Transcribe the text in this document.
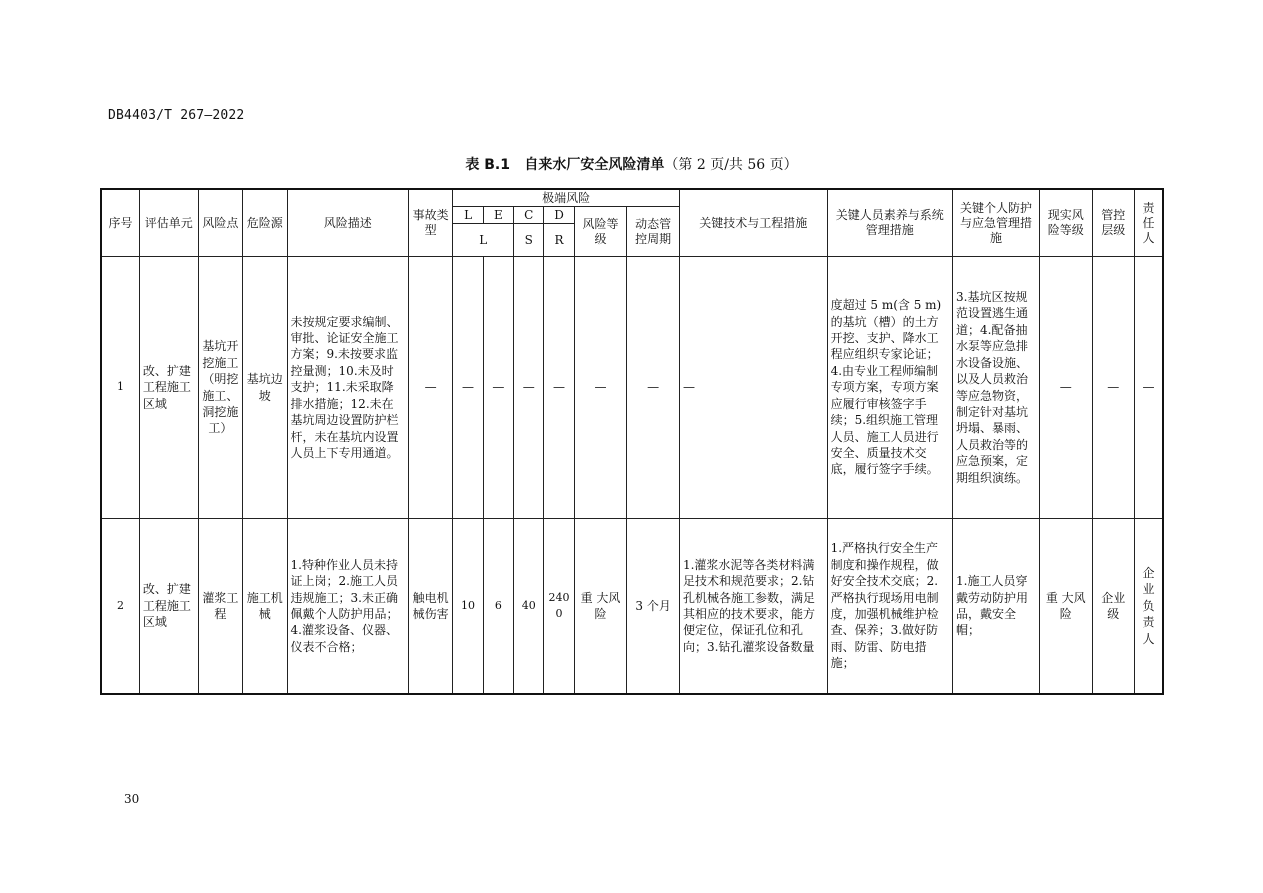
DB4403/T 267—2022
表 B.1 自来水厂安全风险清单（第 2 页/共 56 页）
序号	评估单元	风险点	危险源	风险描述	事故类型	极端风险						关键技术与工程措施	关键人员素养与系统管理措施	关键个人防护与应急管理措施	现实风险等级	管控层级	责任人
						L	E	C	D	风险等级	动态管控周期						
						L		S	R								
1	改、扩建工程施工区域	基坑开挖施工（明挖施工、洞挖施工）	基坑边坡	未按规定要求编制、审批、论证安全施工方案；9.未按要求监控量测；10.未及时支护；11.未采取降排水措施；12.未在基坑周边设置防护栏杆，未在基坑内设置人员上下专用通道。	—	—	—	—	—	—	—	—	度超过 5 m(含 5 m)的基坑（槽）的土方开挖、支护、降水工程应组织专家论证；4.由专业工程师编制专项方案，专项方案应履行审核签字手续；5.组织施工管理人员、施工人员进行安全、质量技术交底，履行签字手续。	3.基坑区按规范设置逃生通道；4.配备抽水泵等应急排水设备设施、以及人员救治等应急物资，制定针对基坑坍塌、暴雨、人员救治等的应急预案，定期组织演练。	—	—	—
2	改、扩建工程施工区域	灌浆工程	施工机械	1.特种作业人员未持证上岗；2.施工人员违规施工；3.未正确佩戴个人防护用品；4.灌浆设备、仪器、仪表不合格；	触电机械伤害	10	6	40	2400	重 大风险	3 个月	1.灌浆水泥等各类材料满足技术和规范要求；2.钻孔机械各施工参数，满足其相应的技术要求，能方便定位，保证孔位和孔向；3.钻孔灌浆设备数量	1.严格执行安全生产制度和操作规程，做好安全技术交底；2.严格执行现场用电制度，加强机械维护检查、保养；3.做好防雨、防雷、防电措施；	1.施工人员穿戴劳动防护用品，戴安全帽；	重 大风险	企业级	企业负责人
30
